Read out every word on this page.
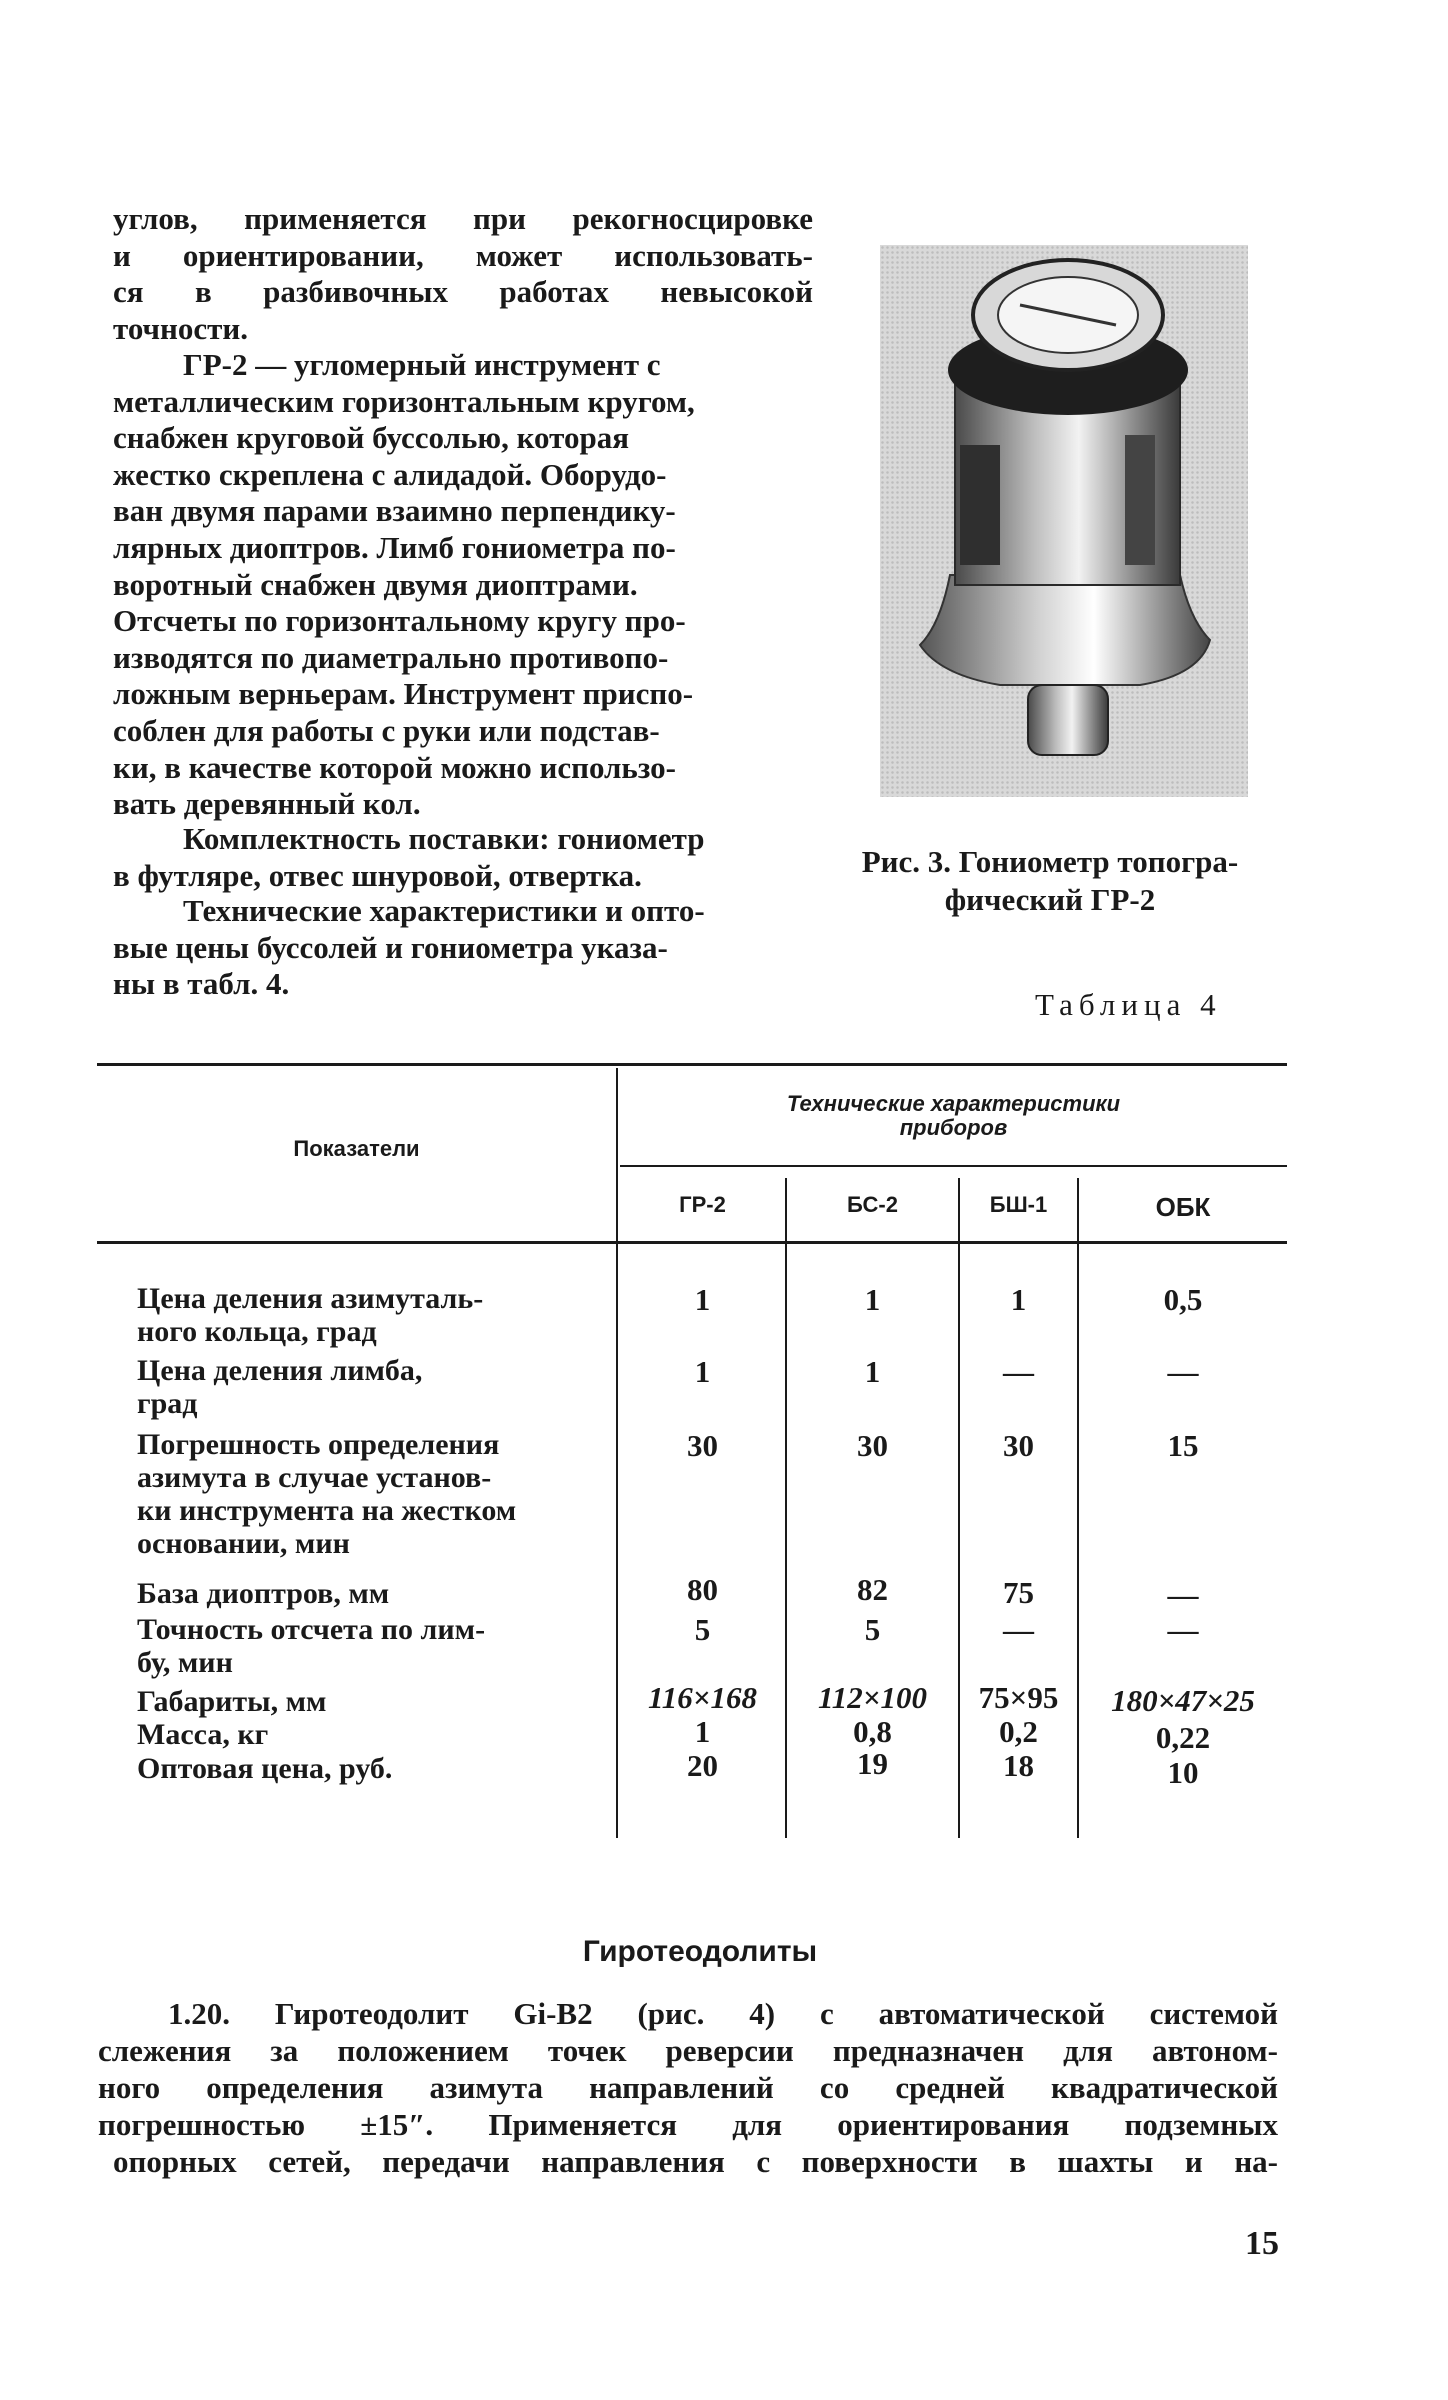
углов, применяется при рекогносцировке
и ориентировании, может использовать-
ся в разбивочных работах невысокой
точности.
ГР-2 — угломерный инструмент с
металлическим горизонтальным кругом,
снабжен круговой буссолью, которая
жестко скреплена с алидадой. Оборудо-
ван двумя парами взаимно перпендику-
лярных диоптров. Лимб гониометра по-
воротный снабжен двумя диоптрами.
Отсчеты по горизонтальному кругу про-
изводятся по диаметрально противопо-
ложным верньерам. Инструмент приспо-
соблен для работы с руки или подстав-
ки, в качестве которой можно использо-
вать деревянный кол.
Комплектность поставки: гониометр
в футляре, отвес шнуровой, отвертка.
Технические характеристики и опто-
вые цены буссолей и гониометра указа-
ны в табл. 4.
Рис. 3. Гониометр топогра-
фический ГР-2
Таблица 4
Показатели
Технические характеристики
приборов
ГР-2	БС-2	БШ-1	ОБК
Цена деления азимуталь-
ного кольца, град
1	1	1	0,5
Цена деления лимба,
град
1	1	—	—
Погрешность определения
азимута в случае установ-
ки инструмента на жестком
основании, мин
30	30	30	15
База диоптров, мм	80	82	75	—
Точность отсчета по лим-
бу, мин
5	5	—	—
Габариты, мм	116×168	112×100	75×95	180×47×25
Масса, кг	1	0,8	0,2	0,22
Оптовая цена, руб.	20	19	18	10
Гиротеодолиты
1.20. Гиротеодолит Gi-B2 (рис. 4) с автоматической системой
слежения за положением точек реверсии предназначен для автоном-
ного определения азимута направлений со средней квадратической
погрешностью ±15″. Применяется для ориентирования подземных
опорных сетей, передачи направления с поверхности в шахты и на-
15
